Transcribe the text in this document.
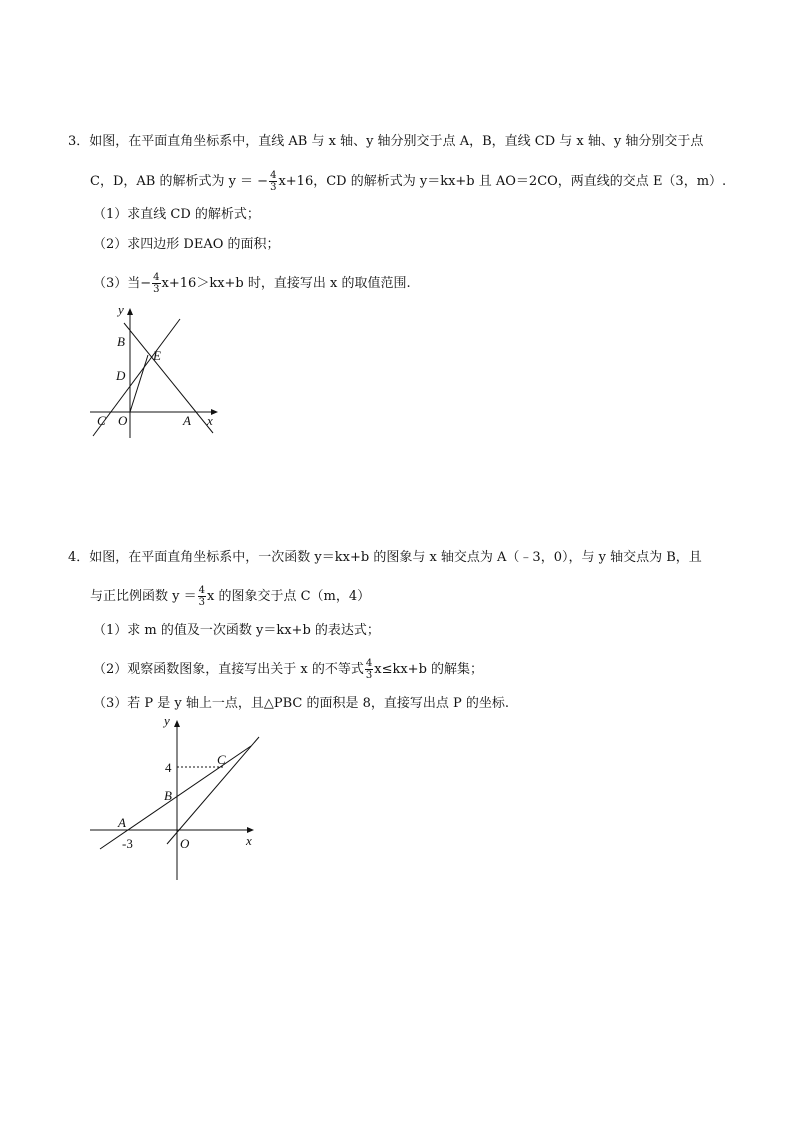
3．如图，在平面直角坐标系中，直线 AB 与 x 轴、y 轴分别交于点 A，B，直线 CD 与 x 轴、y 轴分别交于点
C，D，AB 的解析式为 y ＝ − $\frac{4}{3} x+16$，CD 的解析式为 y＝kx+b 且 AO＝2CO，两直线的交点 E（3，m）.
（1）求直线 CD 的解析式；
（2）求四边形 DEAO 的面积；
（3）当− $\frac{4}{3} x+16>kx+b$ 时，直接写出 x 的取值范围.
y
x
B
E
D
C O	A
4．如图，在平面直角坐标系中，一次函数 y＝kx+b 的图象与 x 轴交点为 A（﹣3，0），与 y 轴交点为 B，且
与正比例函数 $y = \frac{4}{3}$ x 的图象交于点 C（m，4）
（1）求 m 的值及一次函数 y＝kx+b 的表达式；
（2）观察函数图象，直接写出关于 x 的不等式 $\frac{4}{3} x\le kx+b$ 的解集；
（3）若 P 是 y 轴上一点，且△PBC 的面积是 8，直接写出点 P 的坐标.
y
x
C
4
B
A
-3	O
